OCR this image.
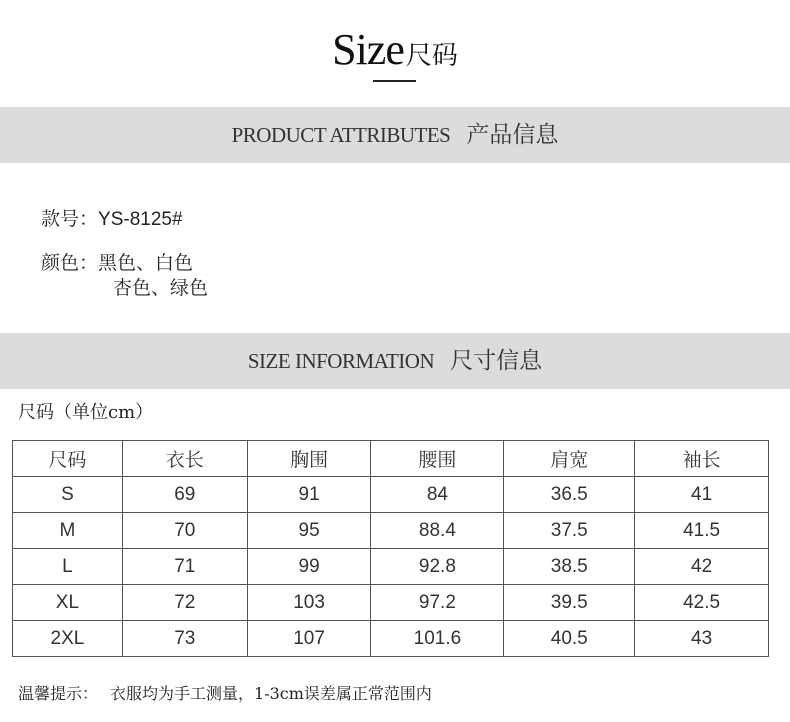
Size尺码
PRODUCT ATTRIBUTES 产品信息
款号：YS-8125#
颜色：黑色、白色
杏色、绿色
SIZE INFORMATION 尺寸信息
尺码（单位cm）
尺码	衣长	胸围	腰围	肩宽	袖长
S	69	91	84	36.5	41
M	70	95	88.4	37.5	41.5
L	71	99	92.8	38.5	42
XL	72	103	97.2	39.5	42.5
2XL	73	107	101.6	40.5	43
温馨提示： 衣服均为手工测量，1-3cm误差属正常范围内
